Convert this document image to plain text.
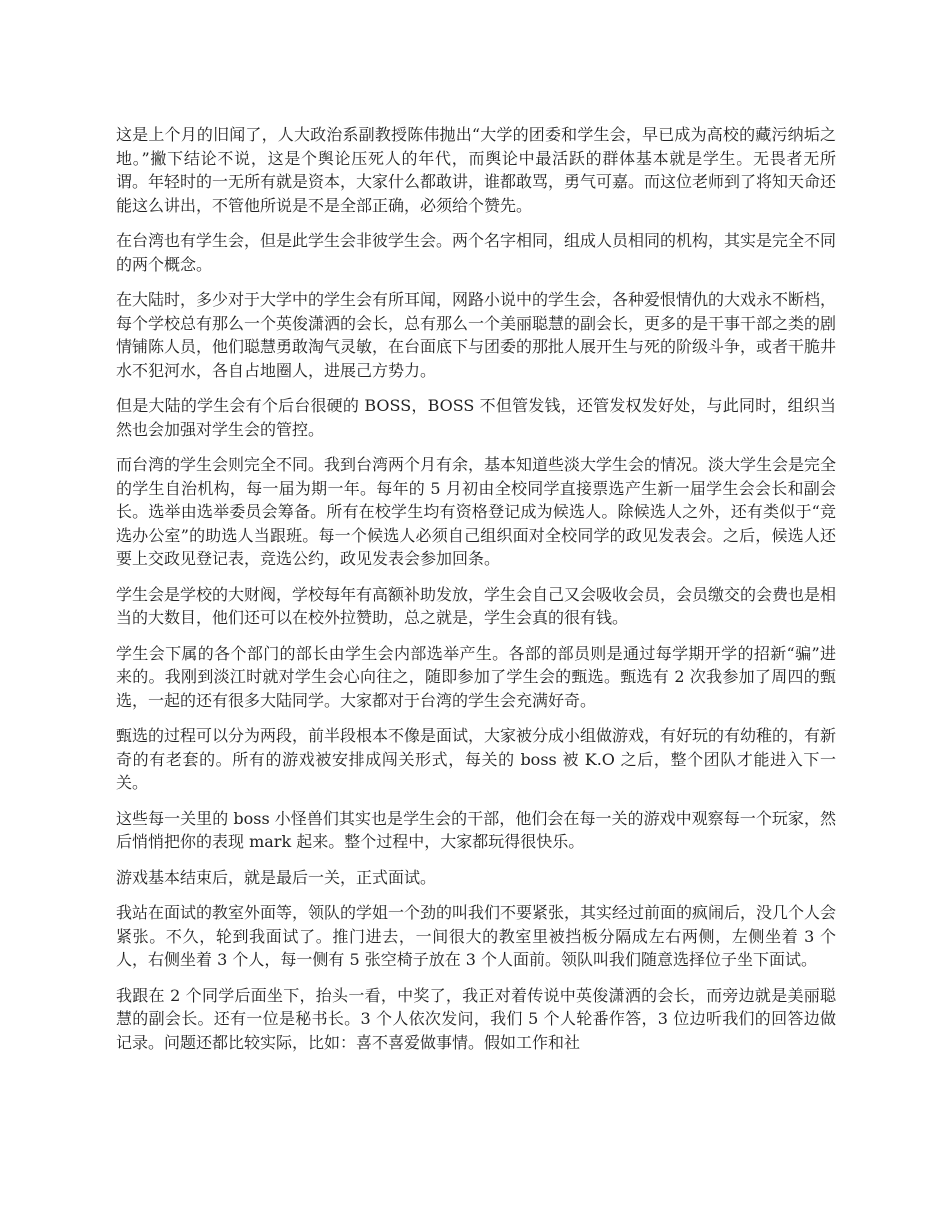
这是上个月的旧闻了，人大政治系副教授陈伟抛出“大学的团委和学生会，早已成为高校的藏污纳垢之地。”撇下结论不说，这是个舆论压死人的年代，而舆论中最活跃的群体基本就是学生。无畏者无所谓。年轻时的一无所有就是资本，大家什么都敢讲，谁都敢骂，勇气可嘉。而这位老师到了将知天命还能这么讲出，不管他所说是不是全部正确，必须给个赞先。

在台湾也有学生会，但是此学生会非彼学生会。两个名字相同，组成人员相同的机构，其实是完全不同的两个概念。

在大陆时，多少对于大学中的学生会有所耳闻，网路小说中的学生会，各种爱恨情仇的大戏永不断档，每个学校总有那么一个英俊潇洒的会长，总有那么一个美丽聪慧的副会长，更多的是干事干部之类的剧情铺陈人员，他们聪慧勇敢淘气灵敏，在台面底下与团委的那批人展开生与死的阶级斗争，或者干脆井水不犯河水，各自占地圈人，进展己方势力。

但是大陆的学生会有个后台很硬的 BOSS，BOSS 不但管发钱，还管发权发好处，与此同时，组织当然也会加强对学生会的管控。

而台湾的学生会则完全不同。我到台湾两个月有余，基本知道些淡大学生会的情况。淡大学生会是完全的学生自治机构，每一届为期一年。每年的 5 月初由全校同学直接票选产生新一届学生会会长和副会长。选举由选举委员会筹备。所有在校学生均有资格登记成为候选人。除候选人之外，还有类似于“竞选办公室”的助选人当跟班。每一个候选人必须自己组织面对全校同学的政见发表会。之后，候选人还要上交政见登记表，竞选公约，政见发表会参加回条。

学生会是学校的大财阀，学校每年有高额补助发放，学生会自己又会吸收会员，会员缴交的会费也是相当的大数目，他们还可以在校外拉赞助，总之就是，学生会真的很有钱。

学生会下属的各个部门的部长由学生会内部选举产生。各部的部员则是通过每学期开学的招新“骗”进来的。我刚到淡江时就对学生会心向往之，随即参加了学生会的甄选。甄选有 2 次我参加了周四的甄选，一起的还有很多大陆同学。大家都对于台湾的学生会充满好奇。

甄选的过程可以分为两段，前半段根本不像是面试，大家被分成小组做游戏，有好玩的有幼稚的，有新奇的有老套的。所有的游戏被安排成闯关形式，每关的 boss 被 K.O 之后，整个团队才能进入下一关。

这些每一关里的 boss 小怪兽们其实也是学生会的干部，他们会在每一关的游戏中观察每一个玩家，然后悄悄把你的表现 mark 起来。整个过程中，大家都玩得很快乐。

游戏基本结束后，就是最后一关，正式面试。

我站在面试的教室外面等，领队的学姐一个劲的叫我们不要紧张，其实经过前面的疯闹后，没几个人会紧张。不久，轮到我面试了。推门进去，一间很大的教室里被挡板分隔成左右两侧，左侧坐着 3 个人，右侧坐着 3 个人，每一侧有 5 张空椅子放在 3 个人面前。领队叫我们随意选择位子坐下面试。

我跟在 2 个同学后面坐下，抬头一看，中奖了，我正对着传说中英俊潇洒的会长，而旁边就是美丽聪慧的副会长。还有一位是秘书长。3 个人依次发问，我们 5 个人轮番作答，3 位边听我们的回答边做记录。问题还都比较实际，比如：喜不喜爱做事情。假如工作和社
